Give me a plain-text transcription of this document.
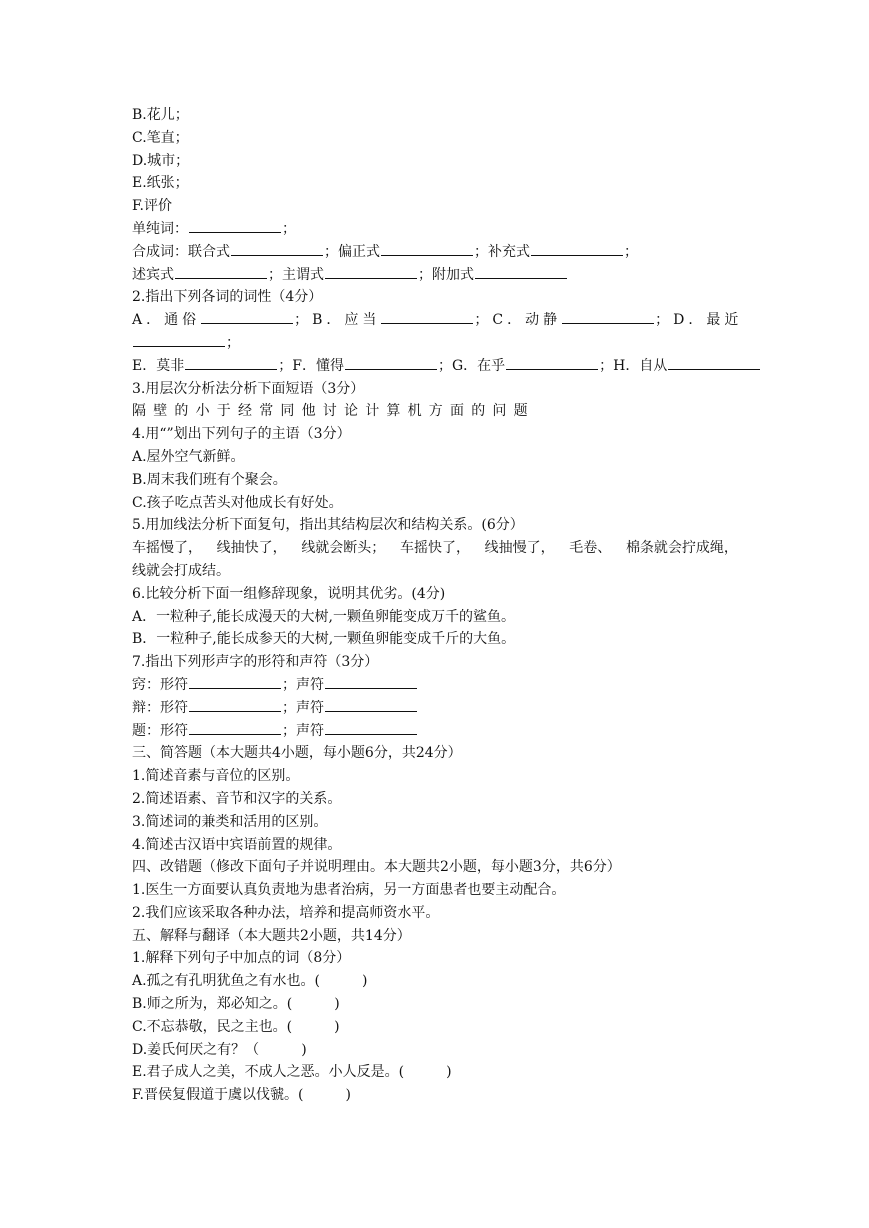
B.花儿；
C.笔直；
D.城市；
E.纸张；
F.评价
单纯词：	；
合成词：联合式	；偏正式	；补充式	；
述宾式	；主谓式	；附加式
2.指出下列各词的词性（4分）
A．通俗	；B．应当	；C．动静	；D．最近
；
E．莫非	；F．懂得	；G．在乎	；H．自从
3.用层次分析法分析下面短语（3分）
隔壁的小于经常同他讨论计算机方面的问题
4.用“”划出下列句子的主语（3分）
A.屋外空气新鲜。
B.周末我们班有个聚会。
C.孩子吃点苦头对他成长有好处。
5.用加线法分析下面复句，指出其结构层次和结构关系。(6分）
车摇慢了， 线抽快了， 线就会断头； 车摇快了， 线抽慢了， 毛卷、 棉条就会拧成绳，
线就会打成结。
6.比较分析下面一组修辞现象，说明其优劣。(4分)
A．一粒种子,能长成漫天的大树,一颗鱼卵能变成万千的鲨鱼。
B．一粒种子,能长成参天的大树,一颗鱼卵能变成千斤的大鱼。
7.指出下列形声字的形符和声符（3分）
窍：形符	；声符
辩：形符	；声符
题：形符	；声符
三、简答题（本大题共4小题，每小题6分，共24分）
1.简述音素与音位的区别。
2.简述语素、音节和汉字的关系。
3.简述词的兼类和活用的区别。
4.简述古汉语中宾语前置的规律。
四、改错题（修改下面句子并说明理由。本大题共2小题，每小题3分，共6分）
1.医生一方面要认真负责地为患者治病，另一方面患者也要主动配合。
2.我们应该采取各种办法，培养和提高师资水平。
五、解释与翻译（本大题共2小题，共14分）
1.解释下列句子中加点的词（8分）
A.孤之有孔明犹鱼之有水也。(	)
B.师之所为，郑必知之。(	)
C.不忘恭敬，民之主也。(	)
D.姜氏何厌之有？（	)
E.君子成人之美，不成人之恶。小人反是。(	)
F.晋侯复假道于虞以伐虢。(	)
